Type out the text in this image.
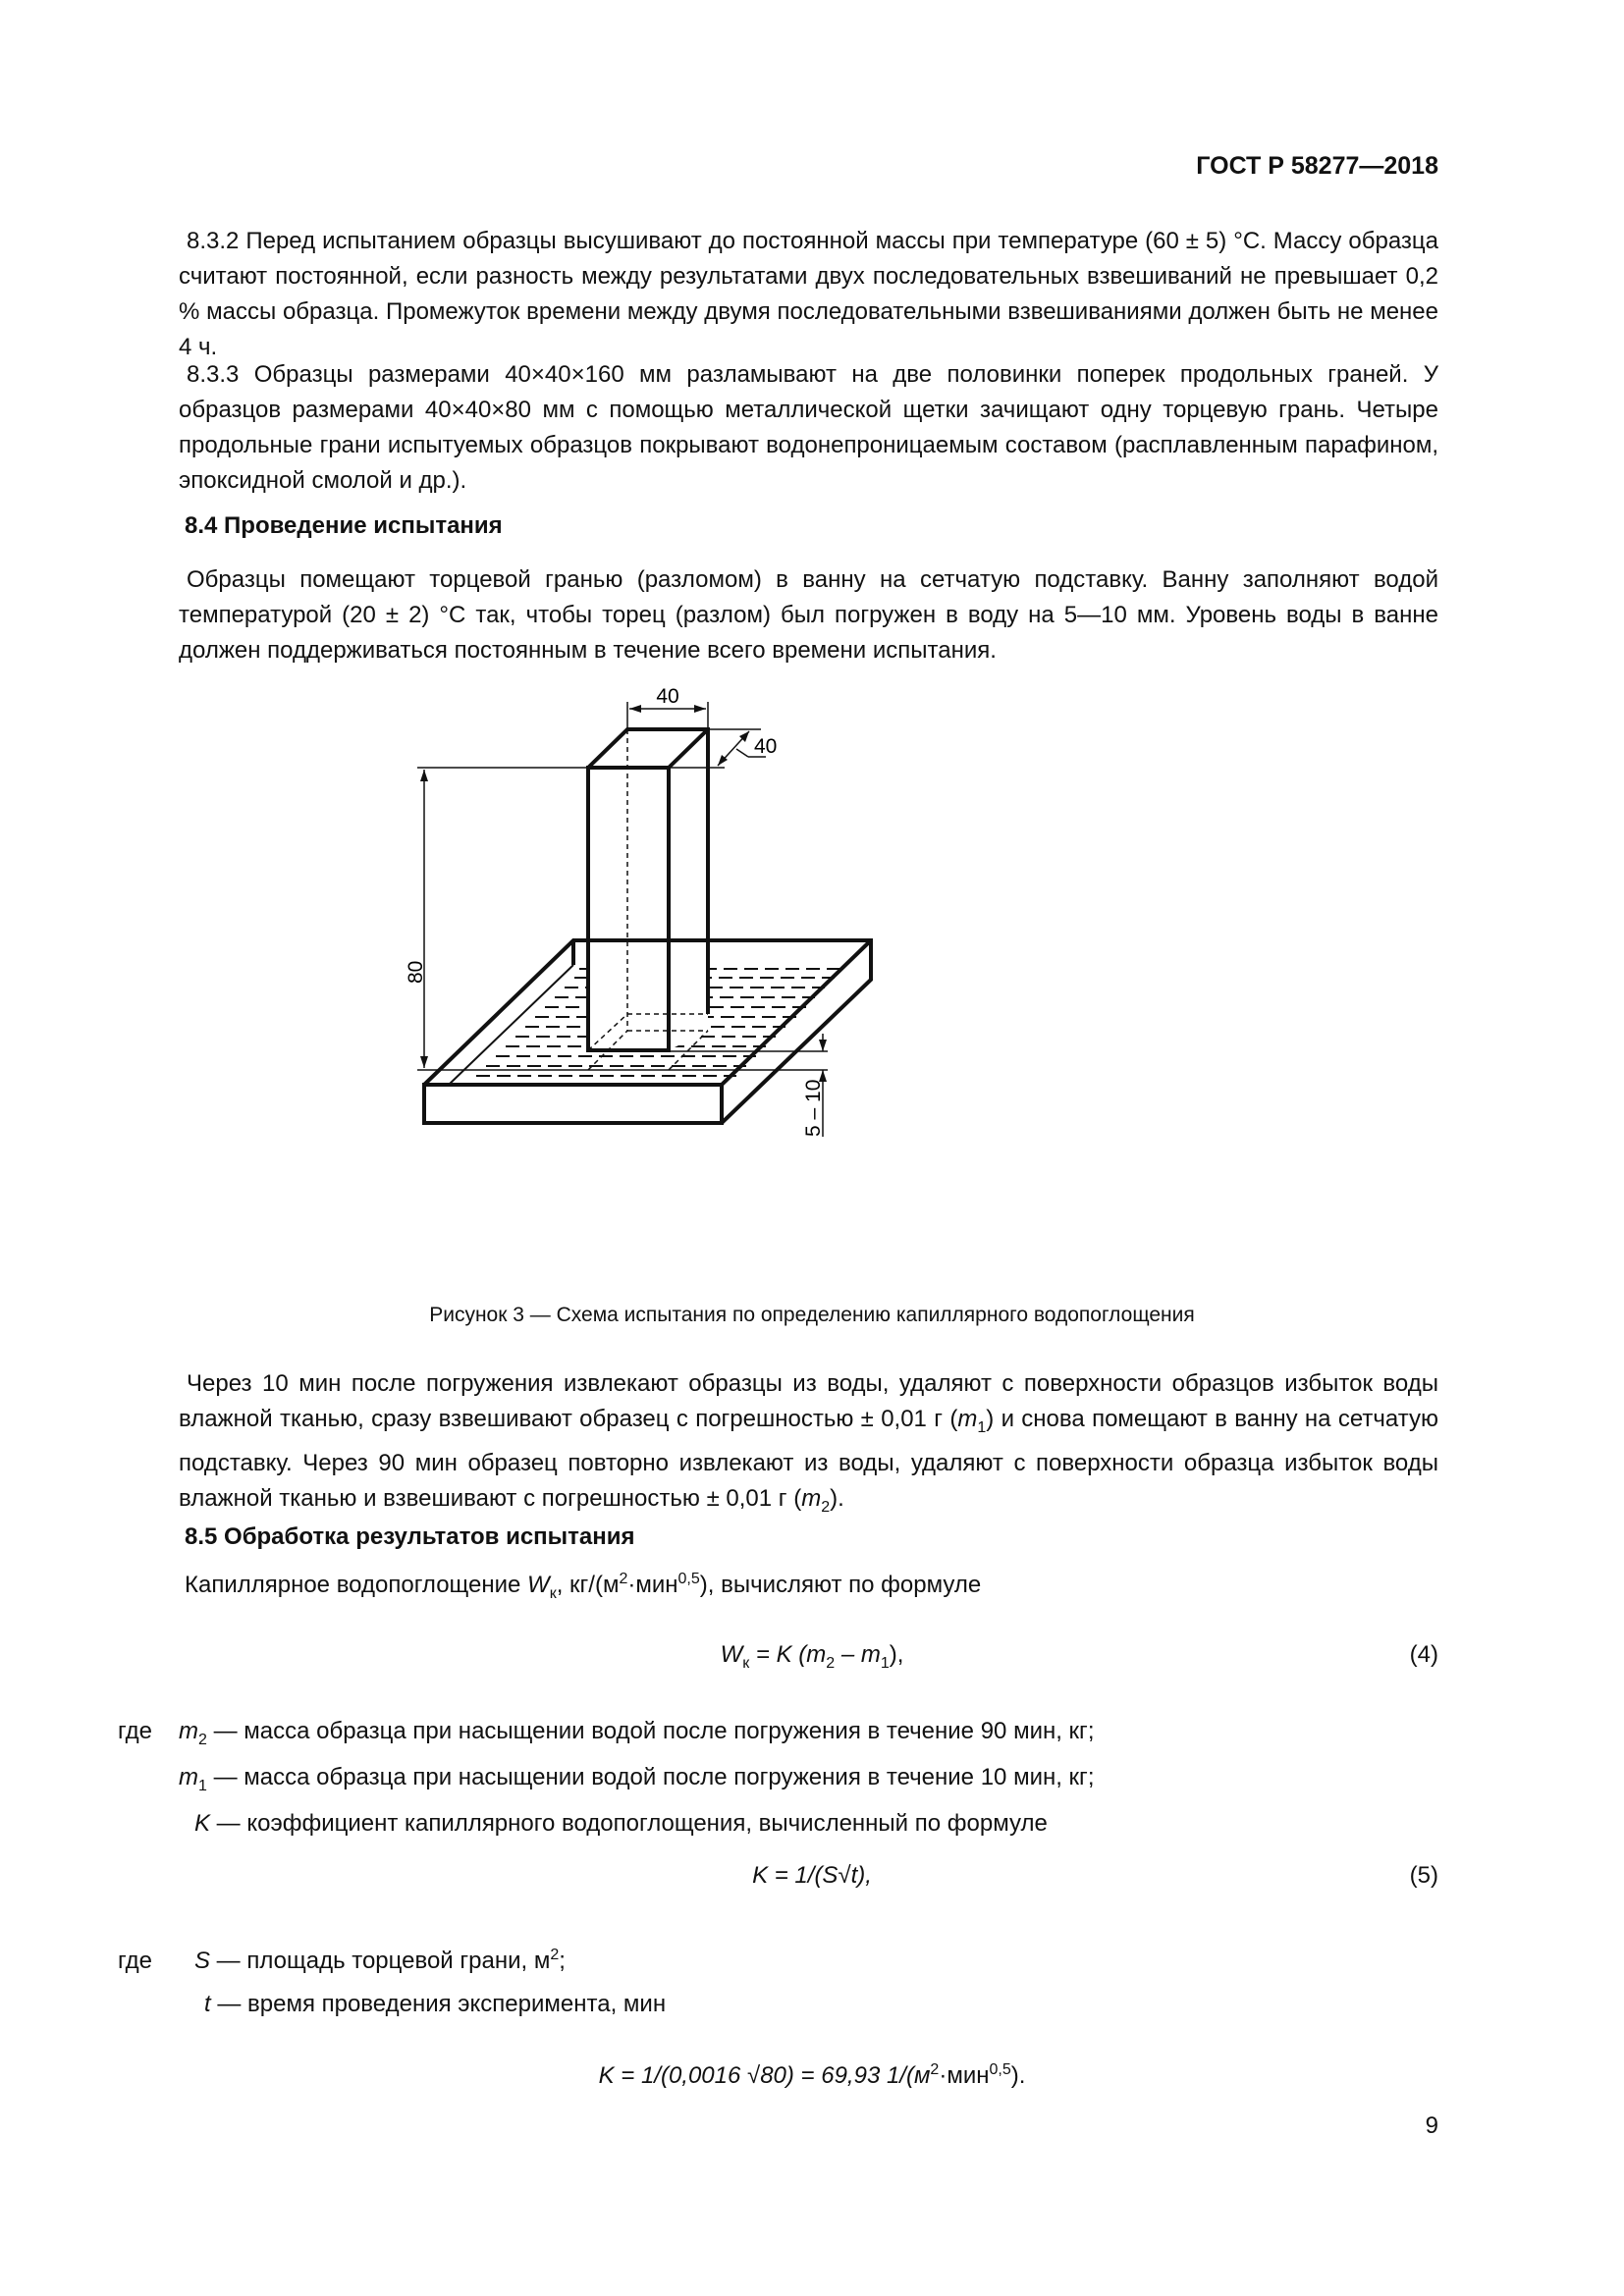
ГОСТ Р 58277—2018
8.3.2 Перед испытанием образцы высушивают до постоянной массы при температуре (60 ± 5) °С. Массу образца считают постоянной, если разность между результатами двух последовательных взвешиваний не превышает 0,2 % массы образца. Промежуток времени между двумя последовательными взвешиваниями должен быть не менее 4 ч.
8.3.3 Образцы размерами 40×40×160 мм разламывают на две половинки поперек продольных граней. У образцов размерами 40×40×80 мм с помощью металлической щетки зачищают одну торцевую грань. Четыре продольные грани испытуемых образцов покрывают водонепроницаемым составом (расплавленным парафином, эпоксидной смолой и др.).
8.4 Проведение испытания
Образцы помещают торцевой гранью (разломом) в ванну на сетчатую подставку. Ванну заполняют водой температурой (20 ± 2) °С так, чтобы торец (разлом) был погружен в воду на 5—10 мм. Уровень воды в ванне должен поддерживаться постоянным в течение всего времени испытания.
40
40
80
5 – 10
Рисунок 3 — Схема испытания по определению капиллярного водопоглощения
Через 10 мин после погружения извлекают образцы из воды, удаляют с поверхности образцов избыток воды влажной тканью, сразу взвешивают образец с погрешностью ± 0,01 г $(m_1)$ и снова помещают в ванну на сетчатую подставку. Через 90 мин образец повторно извлекают из воды, удаляют с поверхности образца избыток воды влажной тканью и взвешивают с погрешностью ± 0,01 г $(m_2)$.
8.5 Обработка результатов испытания
Капиллярное водопоглощение $W_к$, $кг/(м^2\cdot мин^{0,5})$, вычисляют по формуле
$W_к = K$ $(m_2 - m_1)$,	(4)
где $m_2$ — масса образца при насыщении водой после погружения в течение 90 мин, кг;
$m_1$ — масса образца при насыщении водой после погружения в течение 10 мин, кг;
K — коэффициент капиллярного водопоглощения, вычисленный по формуле
K = 1/(S√t),	(5)
где S — площадь торцевой грани, $м^2$;
t — время проведения эксперимента, мин
K = 1/(0,0016 √80) = 69,93 $1/(м^2\cdot мин^{0,5})$.
9
